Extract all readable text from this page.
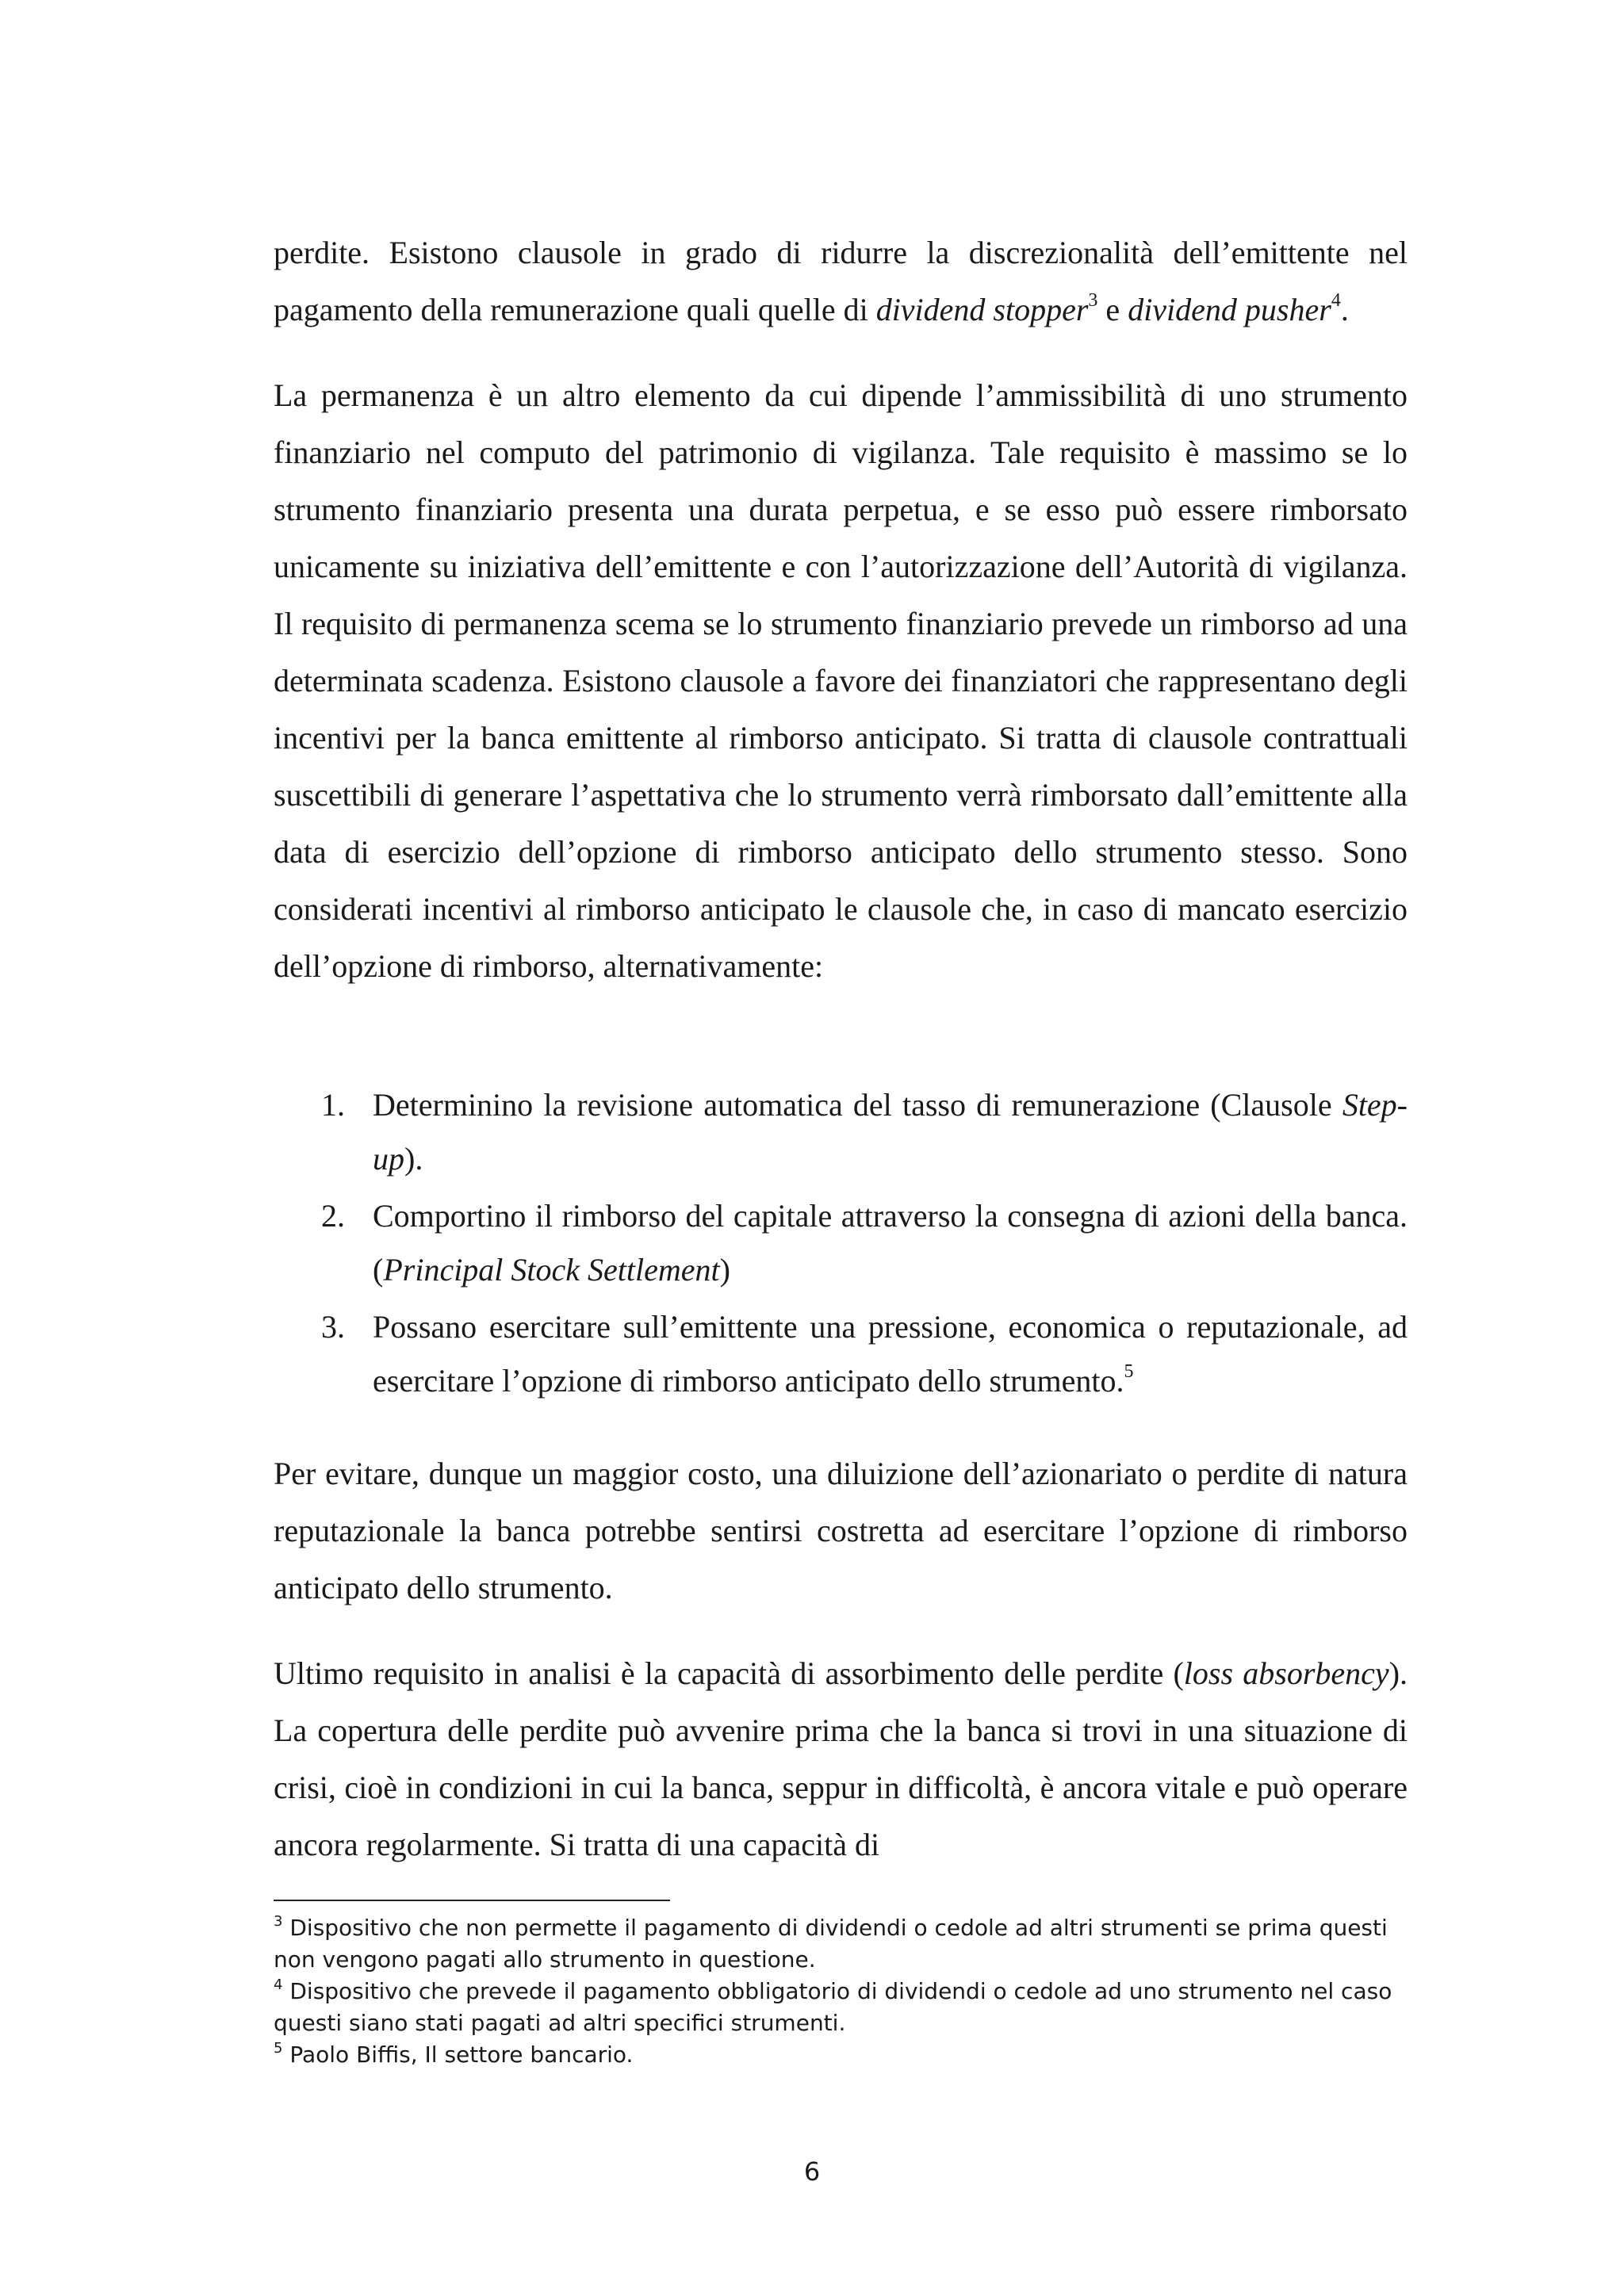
perdite. Esistono clausole in grado di ridurre la discrezionalità dell’emittente nel pagamento della remunerazione quali quelle di dividend stopper$^3$ e dividend pusher$^4$.

La permanenza è un altro elemento da cui dipende l’ammissibilità di uno strumento finanziario nel computo del patrimonio di vigilanza. Tale requisito è massimo se lo strumento finanziario presenta una durata perpetua, e se esso può essere rimborsato unicamente su iniziativa dell’emittente e con l’autorizzazione dell’Autorità di vigilanza. Il requisito di permanenza scema se lo strumento finanziario prevede un rimborso ad una determinata scadenza. Esistono clausole a favore dei finanziatori che rappresentano degli incentivi per la banca emittente al rimborso anticipato. Si tratta di clausole contrattuali suscettibili di generare l’aspettativa che lo strumento verrà rimborsato dall’emittente alla data di esercizio dell’opzione di rimborso anticipato dello strumento stesso. Sono considerati incentivi al rimborso anticipato le clausole che, in caso di mancato esercizio dell’opzione di rimborso, alternativamente:

1. Determinino la revisione automatica del tasso di remunerazione (Clausole Step-up).
2. Comportino il rimborso del capitale attraverso la consegna di azioni della banca. (Principal Stock Settlement)
3. Possano esercitare sull’emittente una pressione, economica o reputazionale, ad esercitare l’opzione di rimborso anticipato dello strumento.$^5$

Per evitare, dunque un maggior costo, una diluizione dell’azionariato o perdite di natura reputazionale la banca potrebbe sentirsi costretta ad esercitare l’opzione di rimborso anticipato dello strumento.

Ultimo requisito in analisi è la capacità di assorbimento delle perdite (loss absorbency). La copertura delle perdite può avvenire prima che la banca si trovi in una situazione di crisi, cioè in condizioni in cui la banca, seppur in difficoltà, è ancora vitale e può operare ancora regolarmente. Si tratta di una capacità di

$^3$ Dispositivo che non permette il pagamento di dividendi o cedole ad altri strumenti se prima questi non vengono pagati allo strumento in questione.

$^4$ Dispositivo che prevede il pagamento obbligatorio di dividendi o cedole ad uno strumento nel caso questi siano stati pagati ad altri specifici strumenti.

$^5$ Paolo Biffis, Il settore bancario.

6
